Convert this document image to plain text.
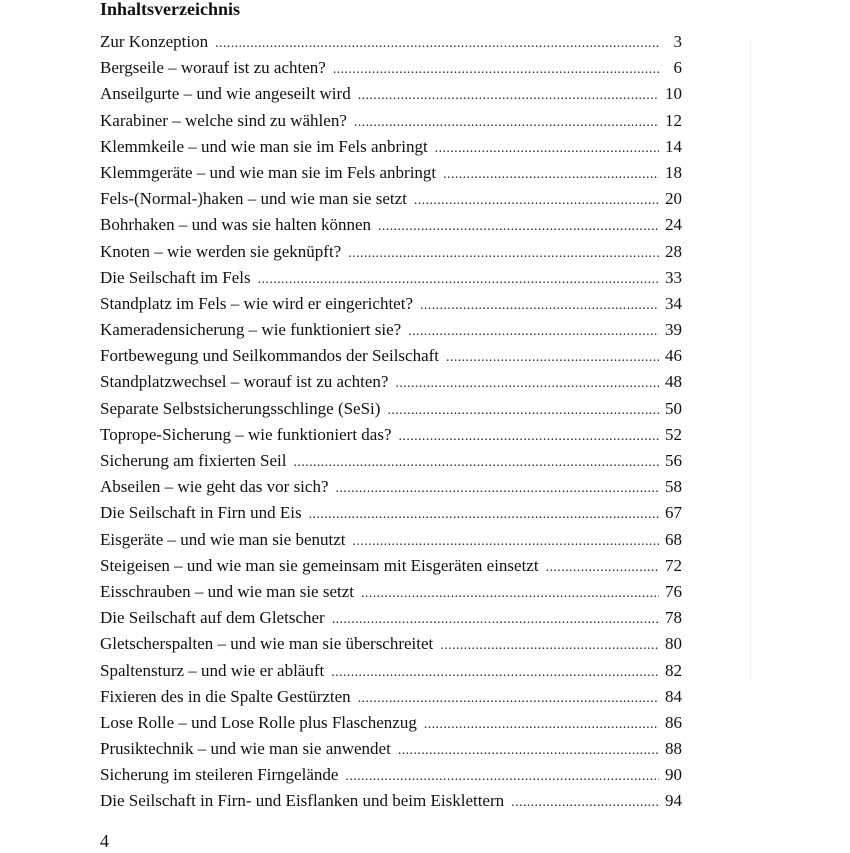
Inhaltsverzeichnis
Zur Konzeption .....	3
Bergseile – worauf ist zu achten? .....	6
Anseilgurte – und wie angeseilt wird .....	10
Karabiner – welche sind zu wählen? .....	12
Klemmkeile – und wie man sie im Fels anbringt .....	14
Klemmgeräte – und wie man sie im Fels anbringt .....	18
Fels-(Normal-)haken – und wie man sie setzt .....	20
Bohrhaken – und was sie halten können .....	24
Knoten – wie werden sie geknüpft? .....	28
Die Seilschaft im Fels .....	33
Standplatz im Fels – wie wird er eingerichtet? .....	34
Kameradensicherung – wie funktioniert sie? .....	39
Fortbewegung und Seilkommandos der Seilschaft .....	46
Standplatzwechsel – worauf ist zu achten? .....	48
Separate Selbstsicherungsschlinge (SeSi) .....	50
Toprope-Sicherung – wie funktioniert das? .....	52
Sicherung am fixierten Seil .....	56
Abseilen – wie geht das vor sich? .....	58
Die Seilschaft in Firn und Eis .....	67
Eisgeräte – und wie man sie benutzt .....	68
Steigeisen – und wie man sie gemeinsam mit Eisgeräten einsetzt .....	72
Eisschrauben – und wie man sie setzt .....	76
Die Seilschaft auf dem Gletscher .....	78
Gletscherspalten – und wie man sie überschreitet .....	80
Spaltensturz – und wie er abläuft .....	82
Fixieren des in die Spalte Gestürzten .....	84
Lose Rolle – und Lose Rolle plus Flaschenzug .....	86
Prusiktechnik – und wie man sie anwendet .....	88
Sicherung im steileren Firngelände .....	90
Die Seilschaft in Firn- und Eisflanken und beim Eisklettern .....	94
4
